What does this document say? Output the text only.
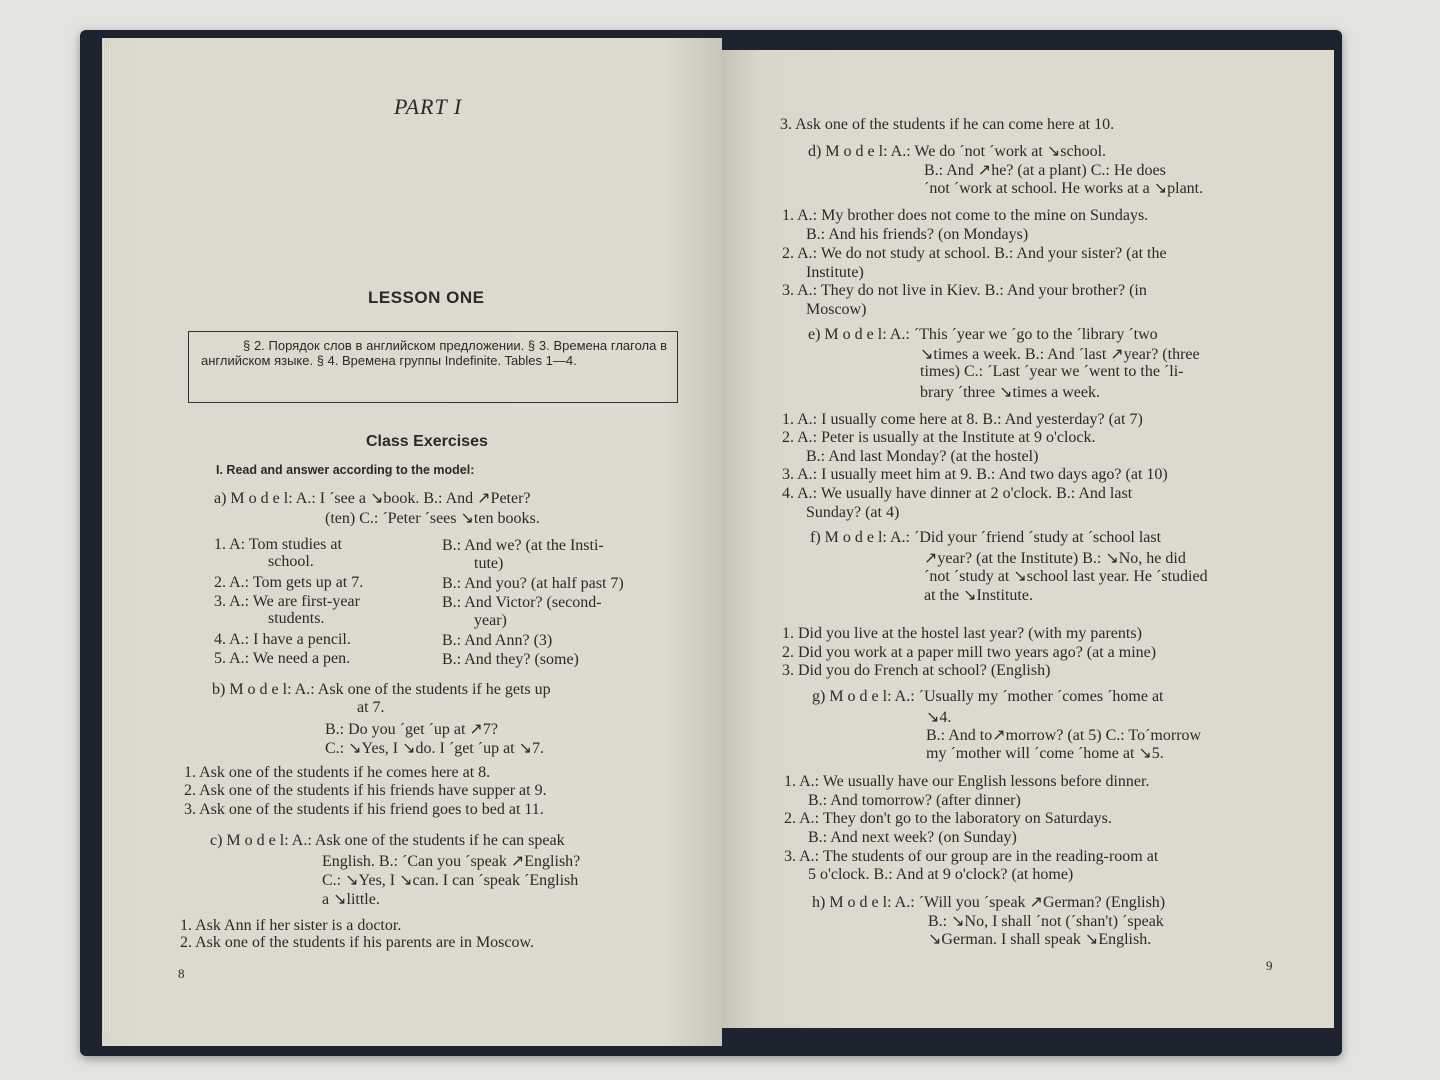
PART I
LESSON ONE
§ 2. Порядок слов в английском предложении. § 3. Времена глагола в английском языке. § 4. Времена группы Indefinite. Tables 1—4.
Class Exercises
I. Read and answer according to the model:
a) M o d e l: A.: I ´see a ↘book. B.: And ↗Peter?
(ten) C.: ´Peter ´sees ↘ten books.
1. A: Tom studies at
school.
2. A.: Tom gets up at 7.
3. A.: We are first-year
students.
4. A.: I have a pencil.
5. A.: We need a pen.
B.: And we? (at the Insti-
tute)
B.: And you? (at half past 7)
B.: And Victor? (second-
year)
B.: And Ann? (3)
B.: And they? (some)
b) M o d e l: A.: Ask one of the students if he gets up
at 7.
B.: Do you ´get ´up at ↗7?
C.: ↘Yes, I ↘do. I ´get ´up at ↘7.
1. Ask one of the students if he comes here at 8.
2. Ask one of the students if his friends have supper at 9.
3. Ask one of the students if his friend goes to bed at 11.
c) M o d e l: A.: Ask one of the students if he can speak
English. B.: ´Can you ´speak ↗English?
C.: ↘Yes, I ↘can. I can ´speak ´English
a ↘little.
1. Ask Ann if her sister is a doctor.
2. Ask one of the students if his parents are in Moscow.
8
3. Ask one of the students if he can come here at 10.
d) M o d e l: A.: We do ´not ´work at ↘school.
B.: And ↗he? (at a plant) C.: He does
´not ´work at school. He works at a ↘plant.
1. A.: My brother does not come to the mine on Sundays.
B.: And his friends? (on Mondays)
2. A.: We do not study at school. B.: And your sister? (at the
Institute)
3. A.: They do not live in Kiev. B.: And your brother? (in
Moscow)
e) M o d e l: A.: ´This ´year we ´go to the ´library ´two
↘times a week. B.: And ´last ↗year? (three
times) C.: ´Last ´year we ´went to the ´li-
brary ´three ↘times a week.
1. A.: I usually come here at 8. B.: And yesterday? (at 7)
2. A.: Peter is usually at the Institute at 9 o'clock.
B.: And last Monday? (at the hostel)
3. A.: I usually meet him at 9. B.: And two days ago? (at 10)
4. A.: We usually have dinner at 2 o'clock. B.: And last
Sunday? (at 4)
f) M o d e l: A.: ´Did your ´friend ´study at ´school last
↗year? (at the Institute) B.: ↘No, he did
´not ´study at ↘school last year. He ´studied
at the ↘Institute.
1. Did you live at the hostel last year? (with my parents)
2. Did you work at a paper mill two years ago? (at a mine)
3. Did you do French at school? (English)
g) M o d e l: A.: ´Usually my ´mother ´comes ´home at
↘4.
B.: And to↗morrow? (at 5) C.: To´morrow
my ´mother will ´come ´home at ↘5.
1. A.: We usually have our English lessons before dinner.
B.: And tomorrow? (after dinner)
2. A.: They don't go to the laboratory on Saturdays.
B.: And next week? (on Sunday)
3. A.: The students of our group are in the reading-room at
5 o'clock. B.: And at 9 o'clock? (at home)
h) M o d e l: A.: ´Will you ´speak ↗German? (English)
B.: ↘No, I shall ´not (´shan't) ´speak
↘German. I shall speak ↘English.
9
